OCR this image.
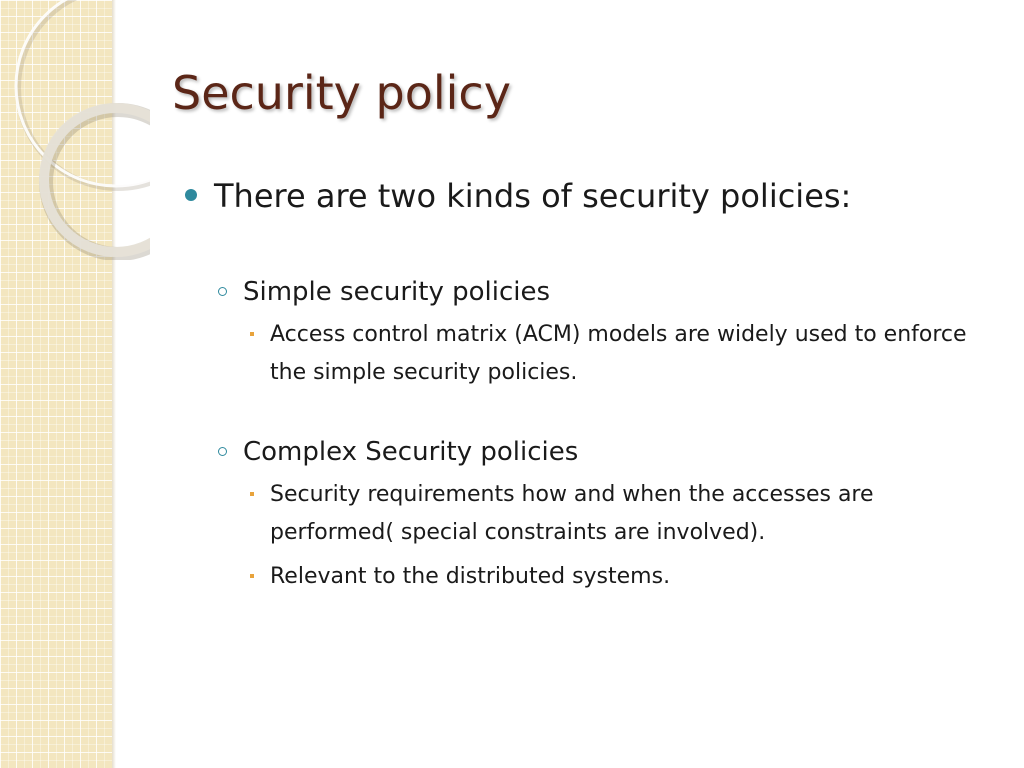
Security policy
There are two kinds of security policies:
Simple security policies
Access control matrix (ACM) models are widely used to enforce the simple security policies.
Complex Security policies
Security requirements how and when the accesses are performed( special constraints are involved).
Relevant to the distributed systems.
